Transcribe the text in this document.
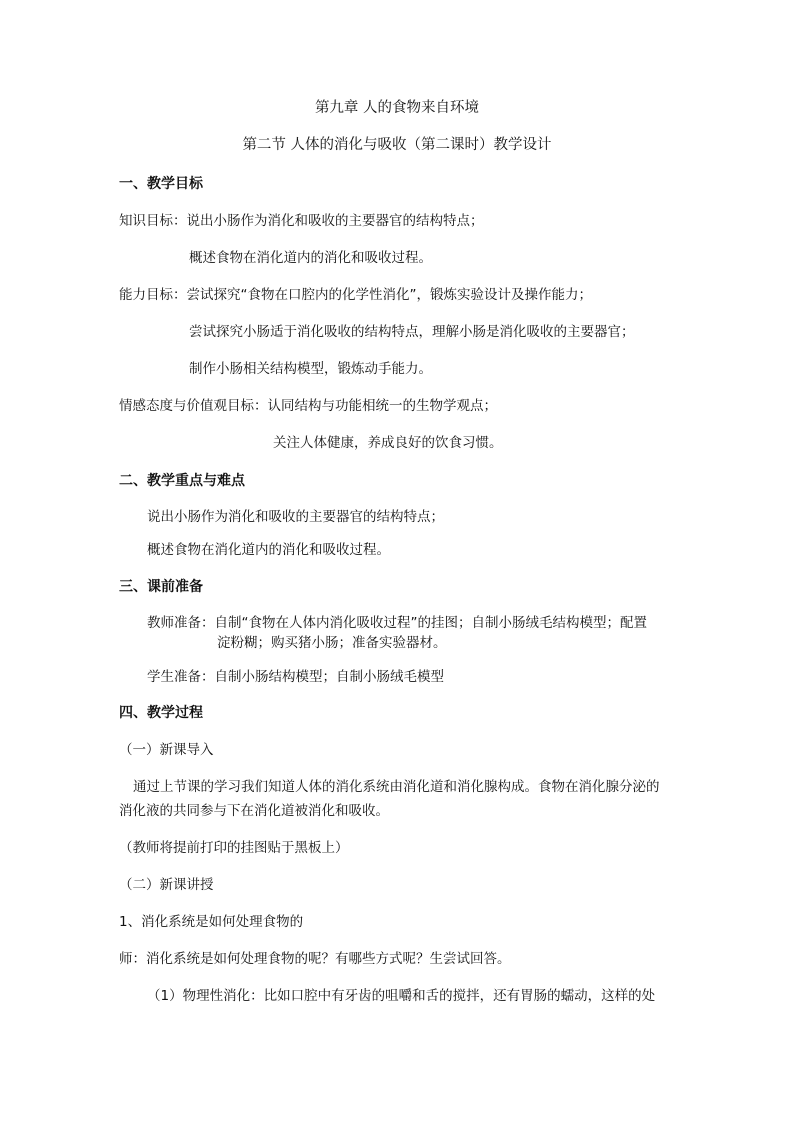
第九章 人的食物来自环境
第二节 人体的消化与吸收（第二课时）教学设计
一、教学目标
知识目标：说出小肠作为消化和吸收的主要器官的结构特点；
概述食物在消化道内的消化和吸收过程。
能力目标：尝试探究“食物在口腔内的化学性消化”，锻炼实验设计及操作能力；
尝试探究小肠适于消化吸收的结构特点，理解小肠是消化吸收的主要器官；
制作小肠相关结构模型，锻炼动手能力。
情感态度与价值观目标：认同结构与功能相统一的生物学观点；
关注人体健康，养成良好的饮食习惯。
二、教学重点与难点
说出小肠作为消化和吸收的主要器官的结构特点；
概述食物在消化道内的消化和吸收过程。
三、课前准备
教师准备：自制“食物在人体内消化吸收过程”的挂图；自制小肠绒毛结构模型；配置
淀粉糊；购买猪小肠；准备实验器材。
学生准备：自制小肠结构模型；自制小肠绒毛模型
四、教学过程
（一）新课导入
通过上节课的学习我们知道人体的消化系统由消化道和消化腺构成。食物在消化腺分泌的
消化液的共同参与下在消化道被消化和吸收。
（教师将提前打印的挂图贴于黑板上）
（二）新课讲授
1、消化系统是如何处理食物的
师：消化系统是如何处理食物的呢？有哪些方式呢？生尝试回答。
（1）物理性消化：比如口腔中有牙齿的咀嚼和舌的搅拌，还有胃肠的蠕动，这样的处
